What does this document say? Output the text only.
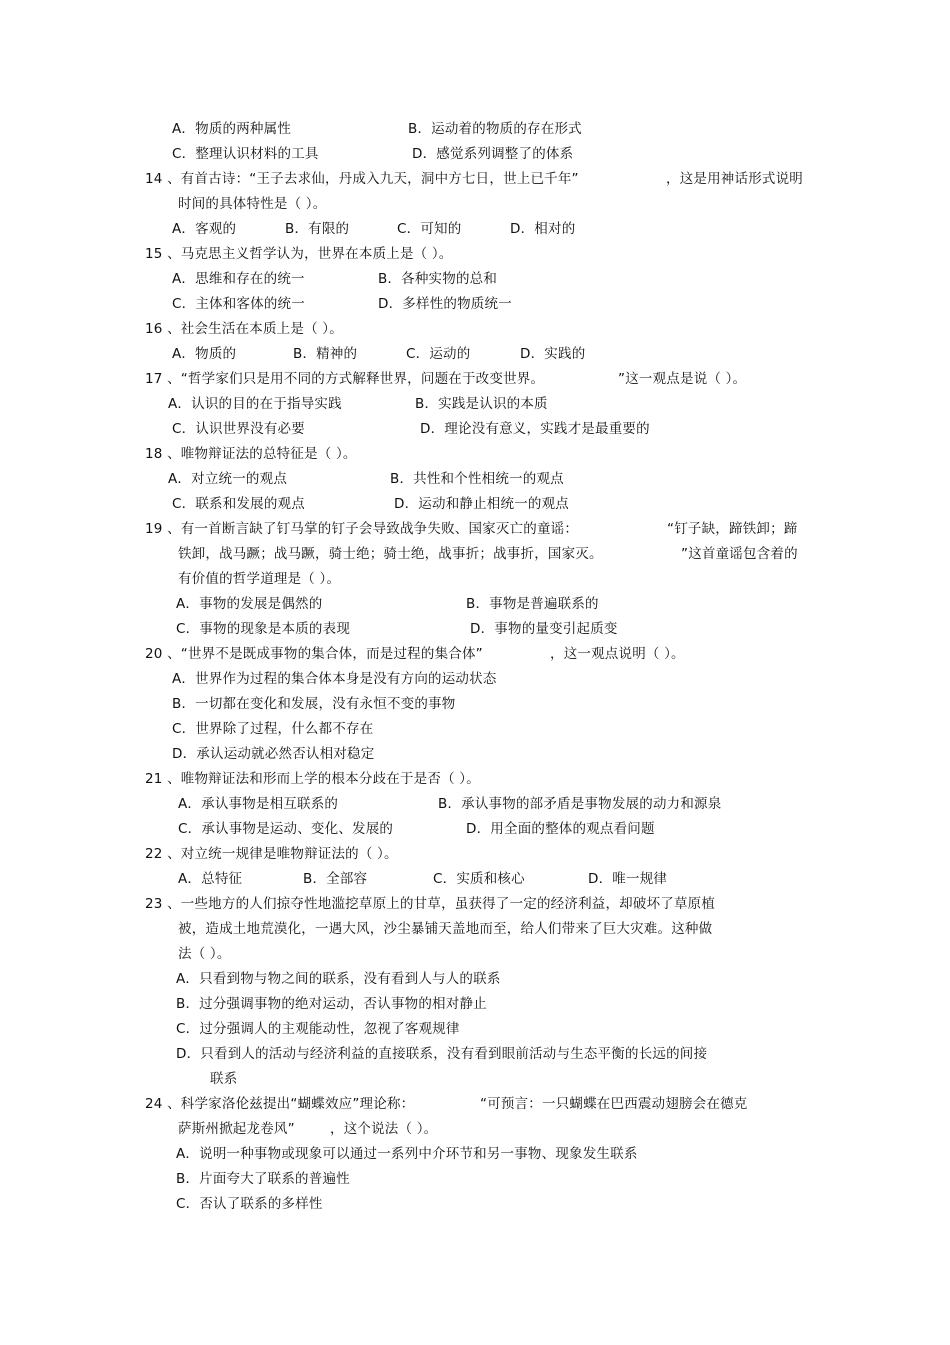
A．物质的两种属性	B．运动着的物质的存在形式
C．整理认识材料的工具	D．感觉系列调整了的体系
14 、有首古诗：“王子去求仙，丹成入九天，洞中方七日，世上已千年”	，这是用神话形式说明
时间的具体特性是（ ）。
A．客观的	B．有限的	C．可知的	D．相对的
15 、马克思主义哲学认为，世界在本质上是（ ）。
A．思维和存在的统一	B．各种实物的总和
C．主体和客体的统一	D．多样性的物质统一
16 、社会生活在本质上是（ ）。
A．物质的	B．精神的	C．运动的	D．实践的
17 、“哲学家们只是用不同的方式解释世界，问题在于改变世界。	”这一观点是说（ ）。
A．认识的目的在于指导实践	B．实践是认识的本质
C．认识世界没有必要	D．理论没有意义，实践才是最重要的
18 、唯物辩证法的总特征是（ ）。
A．对立统一的观点	B．共性和个性相统一的观点
C．联系和发展的观点	D．运动和静止相统一的观点
19 、有一首断言缺了钉马掌的钉子会导致战争失败、国家灭亡的童谣：	“钉子缺，蹄铁卸；蹄
铁卸，战马蹶；战马蹶，骑士绝；骑士绝，战事折；战事折，国家灭。	”这首童谣包含着的
有价值的哲学道理是（ ）。
A．事物的发展是偶然的	B．事物是普遍联系的
C．事物的现象是本质的表现	D．事物的量变引起质变
20 、“世界不是既成事物的集合体，而是过程的集合体”	，这一观点说明（ ）。
A．世界作为过程的集合体本身是没有方向的运动状态
B．一切都在变化和发展，没有永恒不变的事物
C．世界除了过程，什么都不存在
D．承认运动就必然否认相对稳定
21 、唯物辩证法和形而上学的根本分歧在于是否（ ）。
A．承认事物是相互联系的	B．承认事物的部矛盾是事物发展的动力和源泉
C．承认事物是运动、变化、发展的	D．用全面的整体的观点看问题
22 、对立统一规律是唯物辩证法的（ ）。
A．总特征	B．全部容	C．实质和核心	D．唯一规律
23 、一些地方的人们掠夺性地滥挖草原上的甘草，虽获得了一定的经济利益，却破坏了草原植
被，造成土地荒漠化，一遇大风，沙尘暴铺天盖地而至，给人们带来了巨大灾难。这种做
法（ ）。
A．只看到物与物之间的联系，没有看到人与人的联系
B．过分强调事物的绝对运动，否认事物的相对静止
C．过分强调人的主观能动性，忽视了客观规律
D．只看到人的活动与经济利益的直接联系，没有看到眼前活动与生态平衡的长远的间接
联系
24 、科学家洛伦兹提出“蝴蝶效应”理论称：	“可预言：一只蝴蝶在巴西震动翅膀会在德克
萨斯州掀起龙卷风”	，这个说法（ ）。
A．说明一种事物或现象可以通过一系列中介环节和另一事物、现象发生联系
B．片面夸大了联系的普遍性
C．否认了联系的多样性
